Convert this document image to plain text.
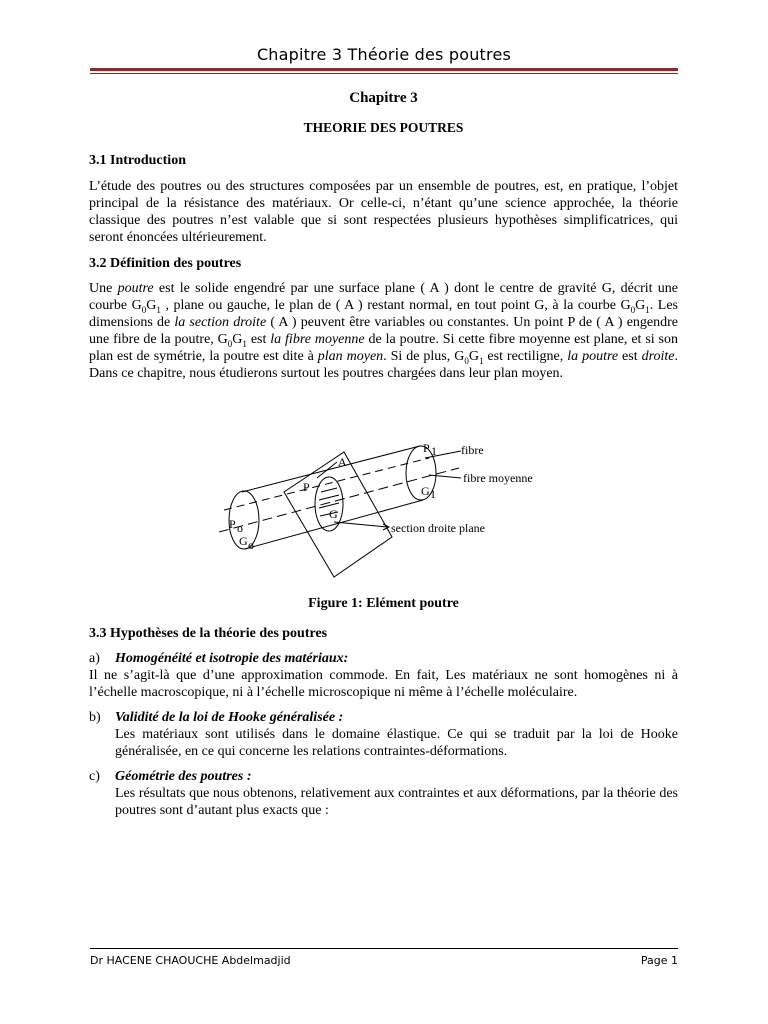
Chapitre 3 Théorie des poutres
Chapitre 3
THEORIE DES POUTRES
3.1 Introduction

L’étude des poutres ou des structures composées par un ensemble de poutres, est, en pratique, l’objet principal de la résistance des matériaux. Or celle-ci, n’étant qu’une science approchée, la théorie classique des poutres n’est valable que si sont respectées plusieurs hypothèses simplificatrices, qui seront énoncées ultérieurement.

3.2 Définition des poutres

Une poutre est le solide engendré par une surface plane ( A ) dont le centre de gravité G, décrit une courbe $G_0G_1$ , plane ou gauche, le plan de ( A ) restant normal, en tout point G, à la courbe $G_0G_1$. Les dimensions de la section droite ( A ) peuvent être variables ou constantes. Un point P de ( A ) engendre une fibre de la poutre, $G_0G_1$ est la fibre moyenne de la poutre. Si cette fibre moyenne est plane, et si son plan est de symétrie, la poutre est dite à plan moyen. Si de plus, $G_0G_1$ est rectiligne, la poutre est droite. Dans ce chapitre, nous étudierons surtout les poutres chargées dans leur plan moyen.

fibre
fibre moyenne
section droite plane
A
P
G
P o
G o
P 1
G 1
Figure 1: Elément poutre
3.3 Hypothèses de la théorie des poutres
a) Homogénéité et isotropie des matériaux:
Il ne s’agit-là que d’une approximation commode. En fait, Les matériaux ne sont homogènes ni à l’échelle macroscopique, ni à l’échelle microscopique ni même à l’échelle moléculaire.
b) Validité de la loi de Hooke généralisée :
Les matériaux sont utilisés dans le domaine élastique. Ce qui se traduit par la loi de Hooke généralisée, en ce qui concerne les relations contraintes-déformations.
c) Géométrie des poutres :
Les résultats que nous obtenons, relativement aux contraintes et aux déformations, par la théorie des poutres sont d’autant plus exacts que :
Dr HACENE CHAOUCHE Abdelmadjid	Page 1
